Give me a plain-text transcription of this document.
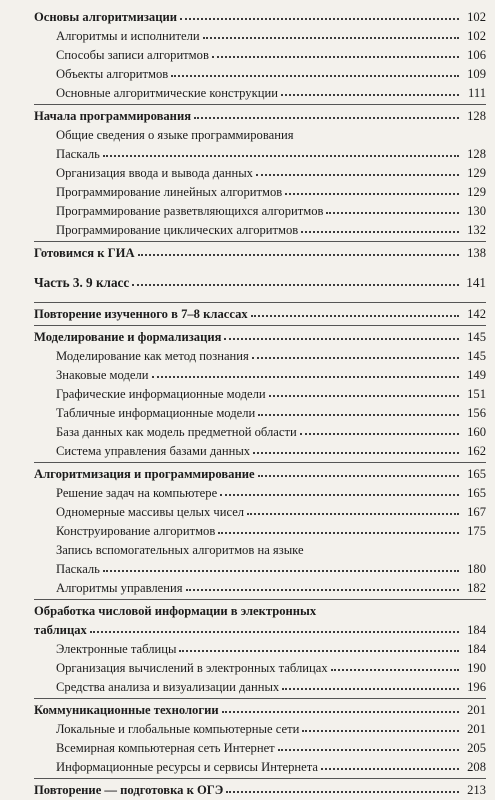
Основы алгоритмизации	102
Алгоритмы и исполнители	102
Способы записи алгоритмов	106
Объекты алгоритмов	109
Основные алгоритмические конструкции	111
Начала программирования	128
Общие сведения о языке программирования
Паскаль	128
Организация ввода и вывода данных	129
Программирование линейных алгоритмов	129
Программирование разветвляющихся алгоритмов	130
Программирование циклических алгоритмов	132
Готовимся к ГИА	138
Часть 3. 9 класс	141
Повторение изученного в 7–8 классах	142
Моделирование и формализация	145
Моделирование как метод познания	145
Знаковые модели	149
Графические информационные модели	151
Табличные информационные модели	156
База данных как модель предметной области	160
Система управления базами данных	162
Алгоритмизация и программирование	165
Решение задач на компьютере	165
Одномерные массивы целых чисел	167
Конструирование алгоритмов	175
Запись вспомогательных алгоритмов на языке
Паскаль	180
Алгоритмы управления	182
Обработка числовой информации в электронных
таблицах	184
Электронные таблицы	184
Организация вычислений в электронных таблицах	190
Средства анализа и визуализации данных	196
Коммуникационные технологии	201
Локальные и глобальные компьютерные сети	201
Всемирная компьютерная сеть Интернет	205
Информационные ресурсы и сервисы Интернета	208
Повторение — подготовка к ОГЭ	213
